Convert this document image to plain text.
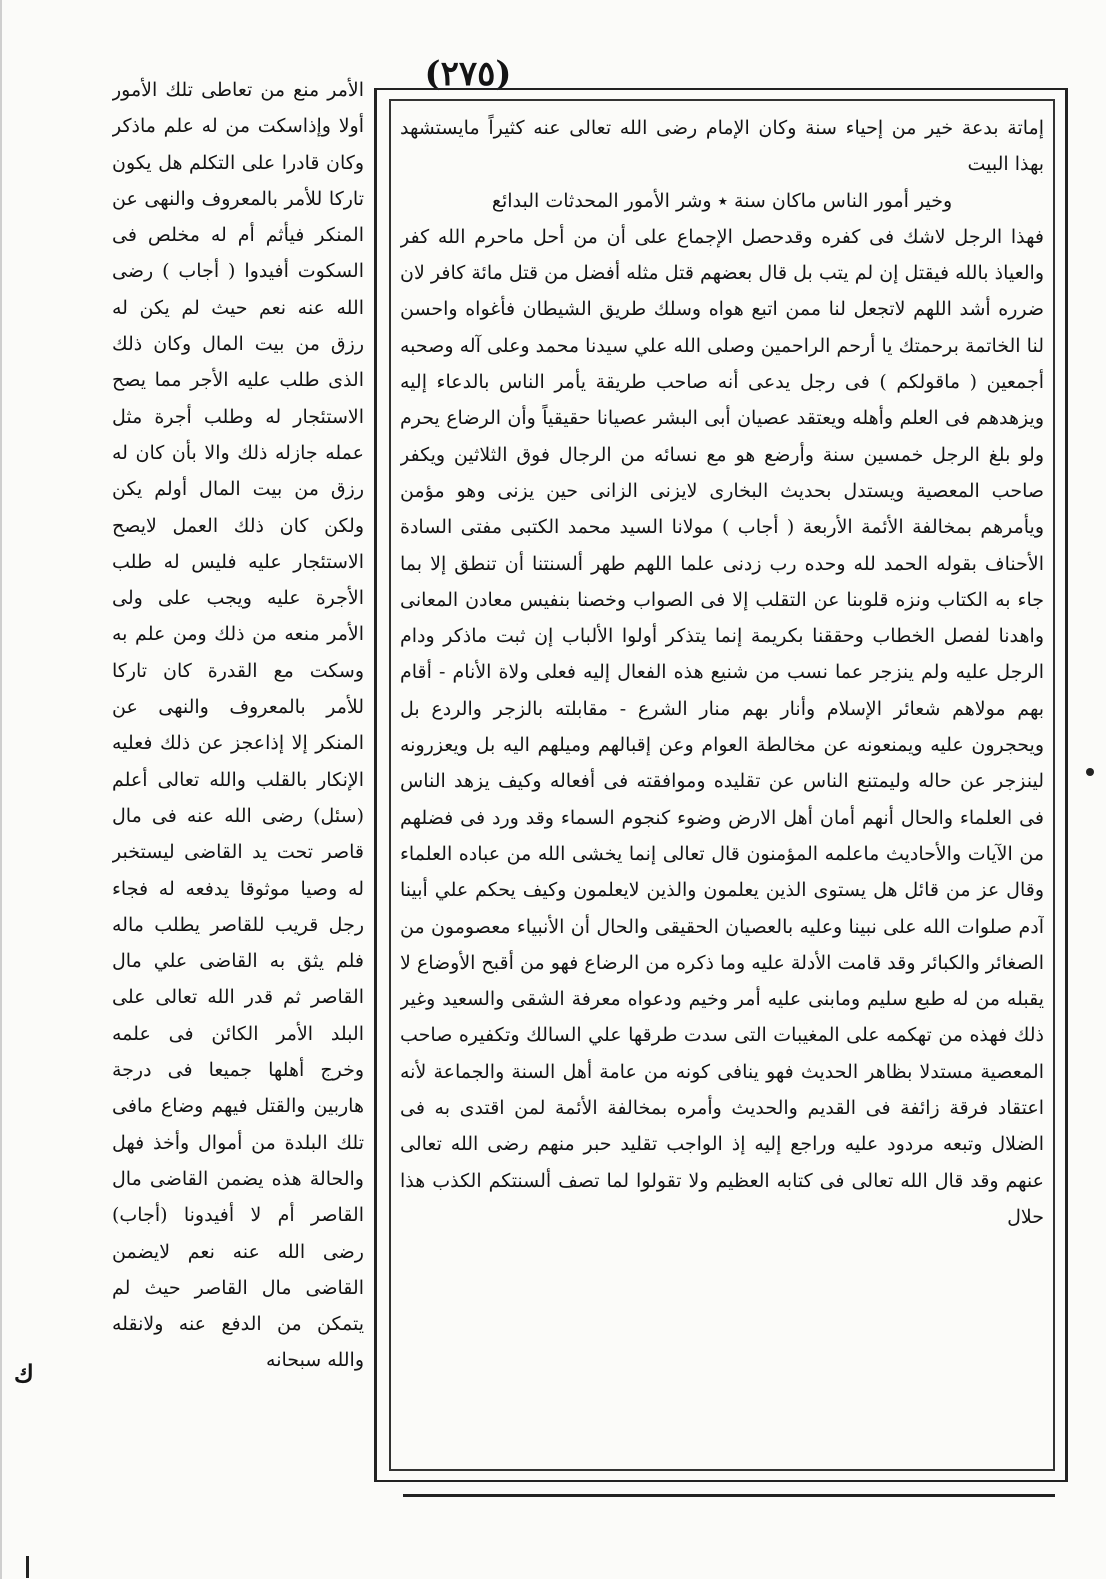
(٢٧٥)

إماتة بدعة خير من إحياء سنة وكان الإمام رضى الله تعالى عنه كثيراً مايستشهد بهذا البيت

وخير أمور الناس ماكان سنة ٭ وشر الأمور المحدثات البدائع

فهذا الرجل لاشك فى كفره وقدحصل الإجماع على أن من أحل ماحرم الله كفر والعياذ بالله فيقتل إن لم يتب بل قال بعضهم قتل مثله أفضل من قتل مائة كافر لان ضرره أشد اللهم لاتجعل لنا ممن اتبع هواه وسلك طريق الشيطان فأغواه واحسن لنا الخاتمة برحمتك يا أرحم الراحمين وصلى الله علي سيدنا محمد وعلى آله وصحبه أجمعين ( ماقولكم ) فى رجل يدعى أنه صاحب طريقة يأمر الناس بالدعاء إليه ويزهدهم فى العلم وأهله ويعتقد عصيان أبى البشر عصيانا حقيقياً وأن الرضاع يحرم ولو بلغ الرجل خمسين سنة وأرضع هو مع نسائه من الرجال فوق الثلاثين ويكفر صاحب المعصية ويستدل بحديث البخارى لايزنى الزانى حين يزنى وهو مؤمن ويأمرهم بمخالفة الأئمة الأربعة ( أجاب ) مولانا السيد محمد الكتبى مفتى السادة الأحناف بقوله الحمد لله وحده رب زدنى علما اللهم طهر ألسنتنا أن تنطق إلا بما جاء به الكتاب ونزه قلوبنا عن التقلب إلا فى الصواب وخصنا بنفيس معادن المعانى واهدنا لفصل الخطاب وحققنا بكريمة إنما يتذكر أولوا الألباب إن ثبت ماذكر ودام الرجل عليه ولم ينزجر عما نسب من شنيع هذه الفعال إليه فعلى ولاة الأنام - أقام بهم مولاهم شعائر الإسلام وأنار بهم منار الشرع - مقابلته بالزجر والردع بل ويحجرون عليه ويمنعونه عن مخالطة العوام وعن إقبالهم وميلهم اليه بل ويعزرونه لينزجر عن حاله وليمتنع الناس عن تقليده وموافقته فى أفعاله وكيف يزهد الناس فى العلماء والحال أنهم أمان أهل الارض وضوء كنجوم السماء وقد ورد فى فضلهم من الآيات والأحاديث ماعلمه المؤمنون قال تعالى إنما يخشى الله من عباده العلماء وقال عز من قائل هل يستوى الذين يعلمون والذين لايعلمون وكيف يحكم علي أبينا آدم صلوات الله على نبينا وعليه بالعصيان الحقيقى والحال أن الأنبياء معصومون من الصغائر والكبائر وقد قامت الأدلة عليه وما ذكره من الرضاع فهو من أقبح الأوضاع لا يقبله من له طبع سليم ومابنى عليه أمر وخيم ودعواه معرفة الشقى والسعيد وغير ذلك فهذه من تهكمه على المغيبات التى سدت طرقها علي السالك وتكفيره صاحب المعصية مستدلا بظاهر الحديث فهو ينافى كونه من عامة أهل السنة والجماعة لأنه اعتقاد فرقة زائفة فى القديم والحديث وأمره بمخالفة الأئمة لمن اقتدى به فى الضلال وتبعه مردود عليه وراجع إليه إذ الواجب تقليد حبر منهم رضى الله تعالى عنهم وقد قال الله تعالى فى كتابه العظيم ولا تقولوا لما تصف ألسنتكم الكذب هذا حلال

الأمر منع من تعاطى تلك الأمور أولا وإذاسكت من له علم ماذكر وكان قادرا على التكلم هل يكون تاركا للأمر بالمعروف والنهى عن المنكر فيأثم أم له مخلص فى السكوت أفيدوا ( أجاب ) رضى الله عنه نعم حيث لم يكن له رزق من بيت المال وكان ذلك الذى طلب عليه الأجر مما يصح الاستئجار له وطلب أجرة مثل عمله جازله ذلك والا بأن كان له رزق من بيت المال أولم يكن ولكن كان ذلك العمل لايصح الاستئجار عليه فليس له طلب الأجرة عليه ويجب على ولى الأمر منعه من ذلك ومن علم به وسكت مع القدرة كان تاركا للأمر بالمعروف والنهى عن المنكر إلا إذاعجز عن ذلك فعليه الإنكار بالقلب والله تعالى أعلم (سئل) رضى الله عنه فى مال قاصر تحت يد القاضى ليستخبر له وصيا موثوقا يدفعه له فجاء رجل قريب للقاصر يطلب ماله فلم يثق به القاضى علي مال القاصر ثم قدر الله تعالى على البلد الأمر الكائن فى علمه وخرج أهلها جميعا فى درجة هاربين والقتل فيهم وضاع مافى تلك البلدة من أموال وأخذ فهل والحالة هذه يضمن القاضى مال القاصر أم لا أفيدونا (أجاب) رضى الله عنه نعم لايضمن القاضى مال القاصر حيث لم يتمكن من الدفع عنه ولانقله والله سبحانه

ك
